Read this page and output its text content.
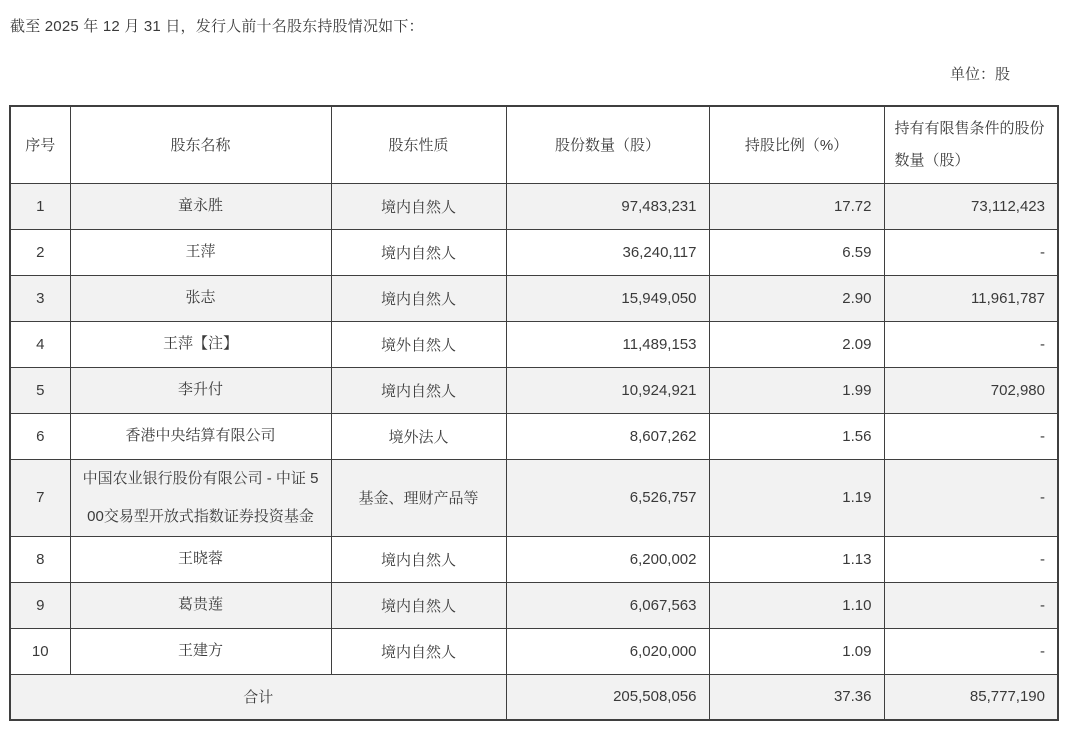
截至 2025 年 12 月 31 日，发行人前十名股东持股情况如下：

单位：股
序号	股东名称	股东性质	股份数量（股）	持股比例（%）	持有有限售条件的股份数量（股）
1	童永胜	境内自然人	97,483,231	17.72	73,112,423
2	王萍	境内自然人	36,240,117	6.59	-
3	张志	境内自然人	15,949,050	2.90	11,961,787
4	王萍【注】	境外自然人	11,489,153	2.09	-
5	李升付	境内自然人	10,924,921	1.99	702,980
6	香港中央结算有限公司	境外法人	8,607,262	1.56	-
7	中国农业银行股份有限公司 - 中证 500交易型开放式指数证券投资基金	基金、理财产品等	6,526,757	1.19	-
8	王晓蓉	境内自然人	6,200,002	1.13	-
9	葛贵莲	境内自然人	6,067,563	1.10	-
10	王建方	境内自然人	6,020,000	1.09	-
合计			205,508,056	37.36	85,777,190
